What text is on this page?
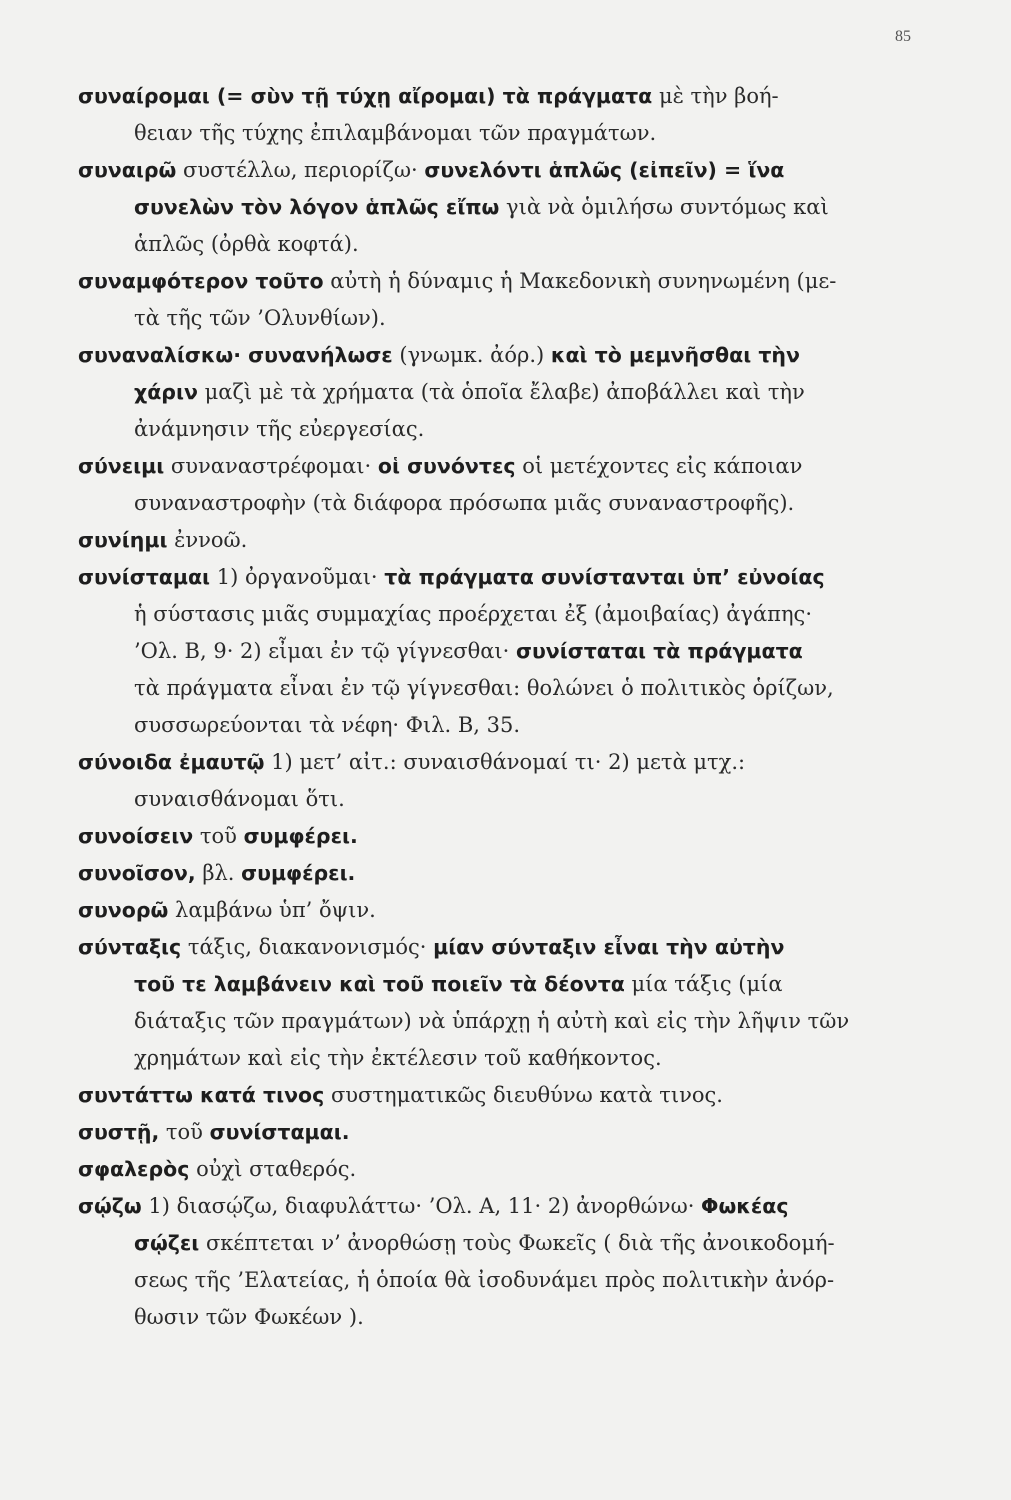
85
συναίρομαι (= σὺν τῇ τύχῃ αἴρομαι) τὰ πράγματα μὲ τὴν βοή-
θειαν τῆς τύχης ἐπιλαμβάνομαι τῶν πραγμάτων.
συναιρῶ συστέλλω, περιορίζω· συνελόντι ἁπλῶς (εἰπεῖν) = ἵνα
συνελὼν τὸν λόγον ἁπλῶς εἴπω γιὰ νὰ ὁμιλήσω συντόμως καὶ
ἁπλῶς (ὀρθὰ κοφτά).
συναμφότερον τοῦτο αὐτὴ ἡ δύναμις ἡ Μακεδονικὴ συνηνωμένη (με-
τὰ τῆς τῶν ’Ολυνθίων).
συναναλίσκω· συνανήλωσε (γνωμκ. ἀόρ.) καὶ τὸ μεμνῆσθαι τὴν
χάριν μαζὶ μὲ τὰ χρήματα (τὰ ὁποῖα ἔλαβε) ἀποβάλλει καὶ τὴν
ἀνάμνησιν τῆς εὐεργεσίας.
σύνειμι συναναστρέφομαι· οἱ συνόντες οἱ μετέχοντες εἰς κάποιαν
συναναστροφὴν (τὰ διάφορα πρόσωπα μιᾶς συναναστροφῆς).
συνίημι ἐννοῶ.
συνίσταμαι 1) ὀργανοῦμαι· τὰ πράγματα συνίστανται ὑπ’ εὐνοίας
ἡ σύστασις μιᾶς συμμαχίας προέρχεται ἐξ (ἀμοιβαίας) ἀγάπης·
’Ολ. Β, 9· 2) εἶμαι ἐν τῷ γίγνεσθαι· συνίσταται τὰ πράγματα
τὰ πράγματα εἶναι ἐν τῷ γίγνεσθαι: θολώνει ὁ πολιτικὸς ὁρίζων,
συσσωρεύονται τὰ νέφη· Φιλ. Β, 35.
σύνοιδα ἐμαυτῷ 1) μετ’ αἰτ.: συναισθάνομαί τι· 2) μετὰ μτχ.:
συναισθάνομαι ὅτι.
συνοίσειν τοῦ συμφέρει.
συνοῖσον, βλ. συμφέρει.
συνορῶ λαμβάνω ὑπ’ ὄψιν.
σύνταξις τάξις, διακανονισμός· μίαν σύνταξιν εἶναι τὴν αὐτὴν
τοῦ τε λαμβάνειν καὶ τοῦ ποιεῖν τὰ δέοντα μία τάξις (μία
διάταξις τῶν πραγμάτων) νὰ ὑπάρχῃ ἡ αὐτὴ καὶ εἰς τὴν λῆψιν τῶν
χρημάτων καὶ εἰς τὴν ἐκτέλεσιν τοῦ καθήκοντος.
συντάττω κατά τινος συστηματικῶς διευθύνω κατὰ τινος.
συστῇ, τοῦ συνίσταμαι.
σφαλερὸς οὐχὶ σταθερός.
σῴζω 1) διασῴζω, διαφυλάττω· ’Ολ. Α, 11· 2) ἀνορθώνω· Φωκέας
σῴζει σκέπτεται ν’ ἀνορθώσῃ τοὺς Φωκεῖς ( διὰ τῆς ἀνοικοδομή-
σεως τῆς ’Ελατείας, ἡ ὁποία θὰ ἰσοδυνάμει πρὸς πολιτικὴν ἀνόρ-
θωσιν τῶν Φωκέων ).
